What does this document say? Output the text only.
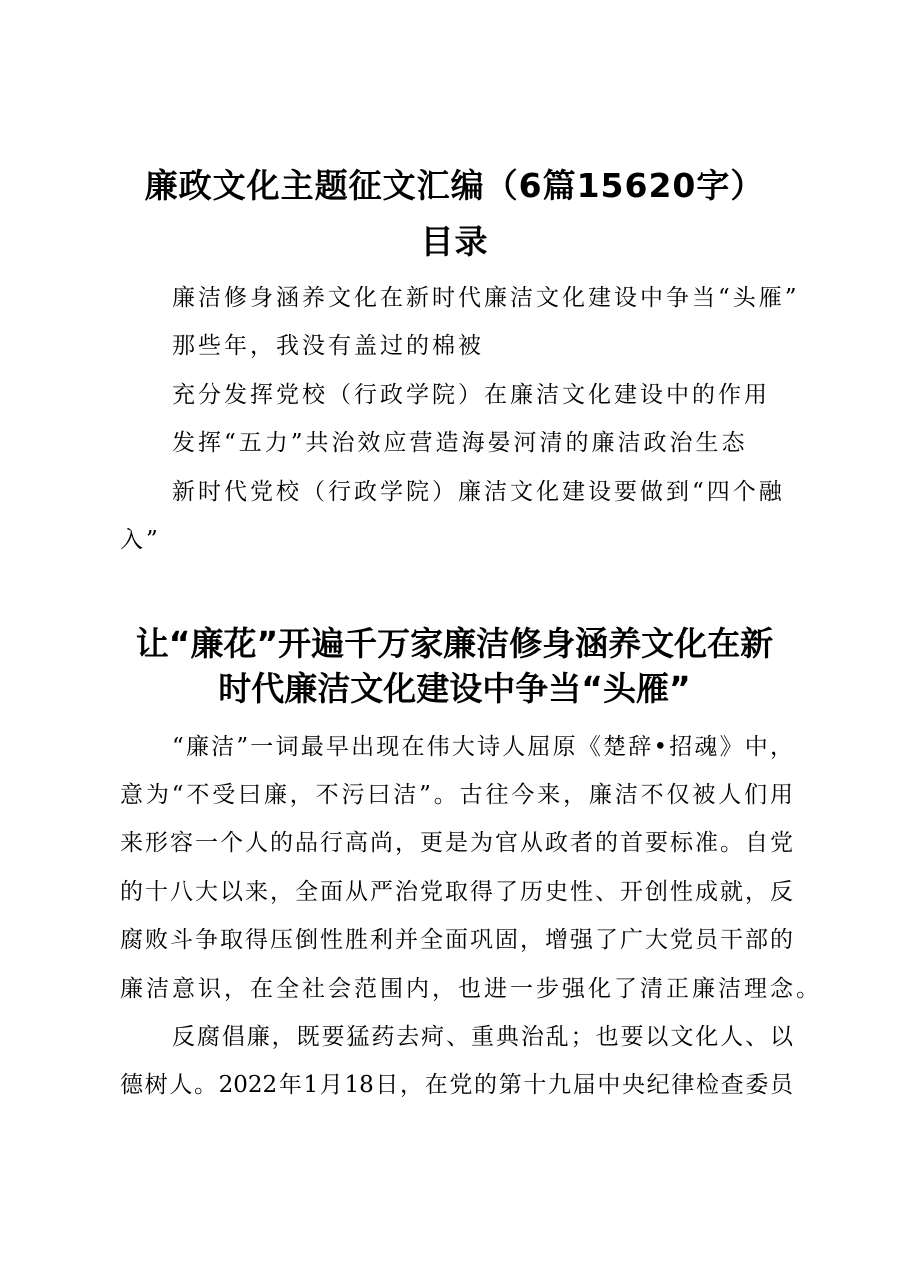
廉政文化主题征文汇编（6篇15620字）
目录
廉洁修身涵养文化在新时代廉洁文化建设中争当“头雁”
那些年，我没有盖过的棉被
充分发挥党校（行政学院）在廉洁文化建设中的作用
发挥“五力”共治效应营造海晏河清的廉洁政治生态
新时代党校（行政学院）廉洁文化建设要做到“四个融
入”
让“廉花”开遍千万家廉洁修身涵养文化在新
时代廉洁文化建设中争当“头雁”
“廉洁”一词最早出现在伟大诗人屈原《楚辞•招魂》中，
意为“不受曰廉，不污曰洁”。古往今来，廉洁不仅被人们用
来形容一个人的品行高尚，更是为官从政者的首要标准。自党
的十八大以来，全面从严治党取得了历史性、开创性成就，反
腐败斗争取得压倒性胜利并全面巩固，增强了广大党员干部的
廉洁意识，在全社会范围内，也进一步强化了清正廉洁理念。
反腐倡廉，既要猛药去疴、重典治乱；也要以文化人、以
德树人。2022年1月18日，在党的第十九届中央纪律检查委员
